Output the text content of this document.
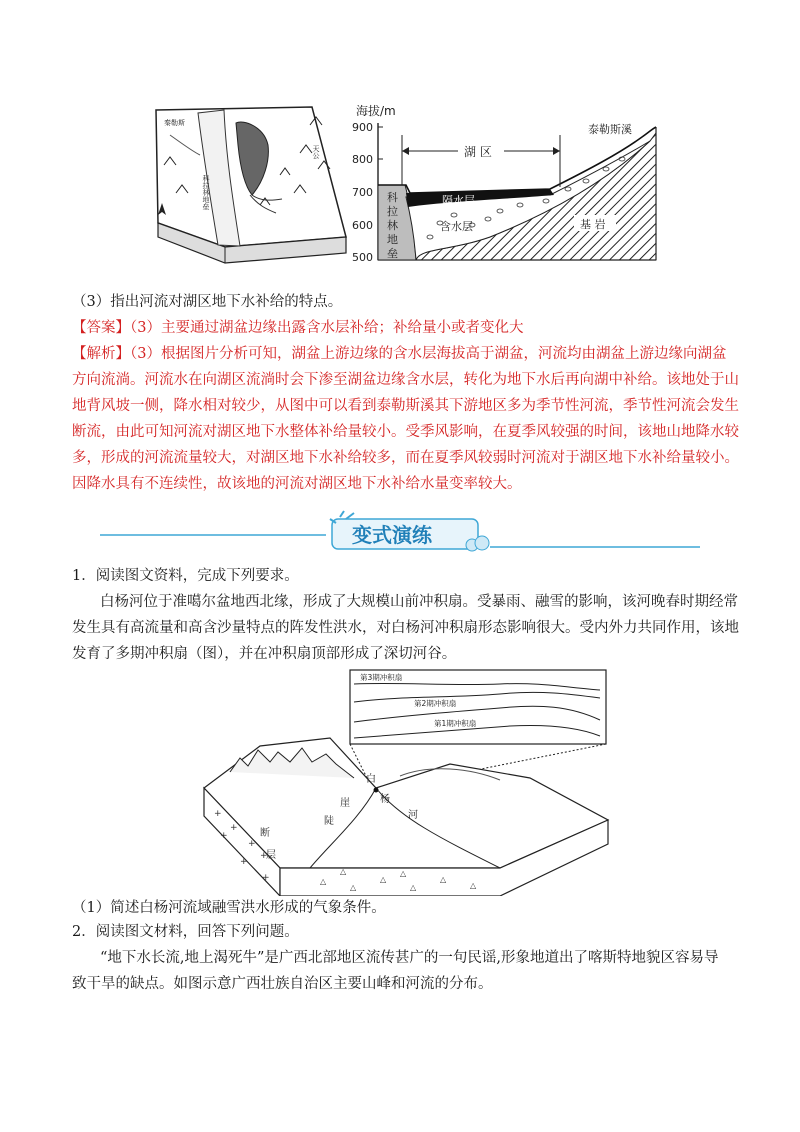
秦勒斯
科拉林地垒
天公
海拔/m
900
800
700
600
500
湖 区
泰勒斯溪
隔水层
含水层	基 岩
科
拉
林
地
垒
（3）指出河流对湖区地下水补给的特点。
【答案】（3）主要通过湖盆边缘出露含水层补给；补给量小或者变化大
【解析】（3）根据图片分析可知，湖盆上游边缘的含水层海拔高于湖盆，河流均由湖盆上游边缘向湖盆
方向流淌。河流水在向湖区流淌时会下渗至湖盆边缘含水层，转化为地下水后再向湖中补给。该地处于山
地背风坡一侧，降水相对较少，从图中可以看到泰勒斯溪其下游地区多为季节性河流，季节性河流会发生
断流，由此可知河流对湖区地下水整体补给量较小。受季风影响，在夏季风较强的时间，该地山地降水较
多，形成的河流流量较大，对湖区地下水补给较多，而在夏季风较弱时河流对于湖区地下水补给量较小。
因降水具有不连续性，故该地的河流对湖区地下水补给水量变率较大。
变式演练
1．阅读图文资料，完成下列要求。
白杨河位于准噶尔盆地西北缘，形成了大规模山前冲积扇。受暴雨、融雪的影响，该河晚春时期经常
发生具有高流量和高含沙量特点的阵发性洪水，对白杨河冲积扇形态影响很大。受内外力共同作用，该地
发育了多期冲积扇（图），并在冲积扇顶部形成了深切河谷。
第3期冲积扇
第2期冲积扇
第1期冲积扇
+
+
+
+
+
+
+	△
△
△
△
△
△
△	△
白
杨
河
崖
陡
断
层
（1）简述白杨河流域融雪洪水形成的气象条件。
2．阅读图文材料，回答下列问题。
“地下水长流,地上渴死牛”是广西北部地区流传甚广的一句民谣,形象地道出了喀斯特地貌区容易导
致干旱的缺点。如图示意广西壮族自治区主要山峰和河流的分布。
